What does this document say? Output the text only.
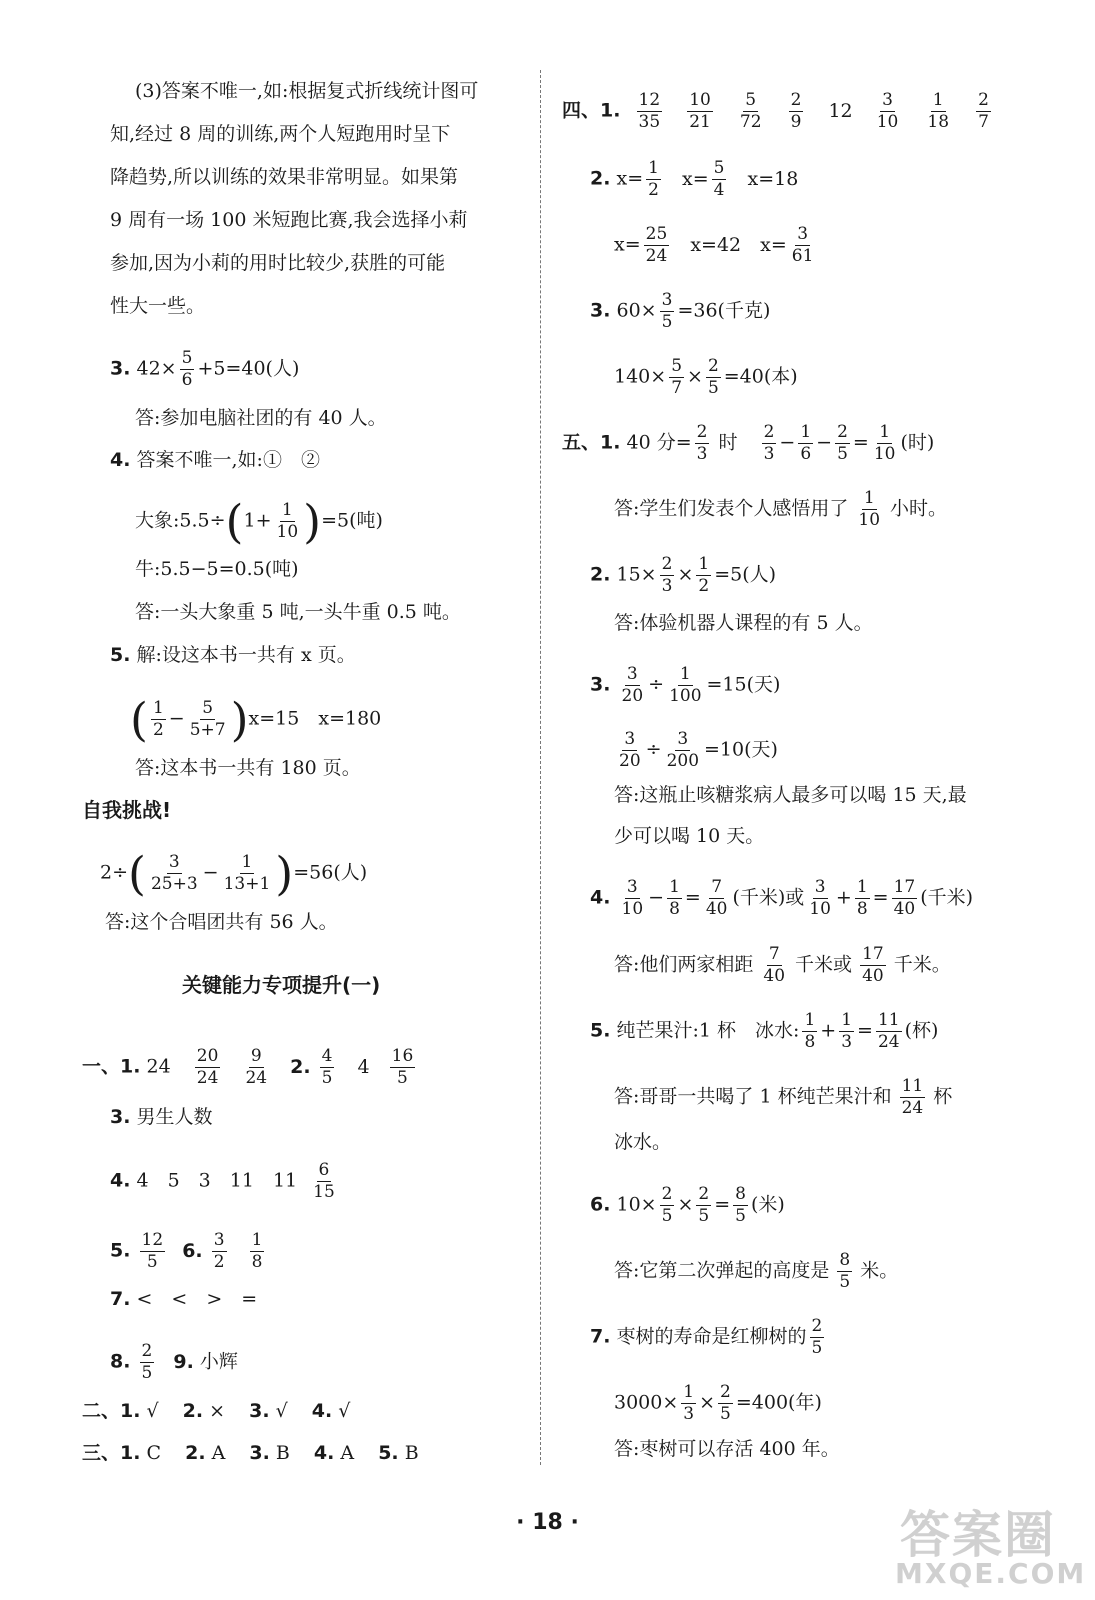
(3)答案不唯一,如:根据复式折线统计图可
知,经过 8 周的训练,两个人短跑用时呈下
降趋势,所以训练的效果非常明显。如果第
9 周有一场 100 米短跑比赛,我会选择小莉
参加,因为小莉的用时比较少,获胜的可能
性大一些。
3. $42\times \frac{5}{6} +5=40$(人)
答:参加电脑社团的有 40 人。
4. 答案不唯一,如:①　②
大象:5.5÷(1+ $\frac{1}{10} )=5$(吨)
牛:5.5−5=0.5(吨)
答:一头大象重 5 吨,一头牛重 0.5 吨。
5. 解:设这本书一共有 x 页。
( $\frac{1}{2} - \frac{5}{5+7} )x=15$　x=180
答:这本书一共有 180 页。
自我挑战!
$2\div( \frac{3}{25+3} - \frac{1}{13+1} )=56$(人)
答:这个合唱团共有 56 人。
关键能力专项提升(一)
一、1. $24 \frac{20}{24}$
$\frac{9}{24} 2$. $\frac{4}{5} 4 \frac{16}{5}$
3. 男生人数
4. 4　5　3　11　$11 \frac{6}{15}$
5. $\frac{12}{5} 6$. $\frac{3}{2}$
$\frac{1}{8}$
7. <　<　>　=
8. $\frac{2}{5} 9$. 小辉
二、1. √ 2. × 3. √ 4. √
三、1. C 2. A 3. B 4. A 5. B
四、1. $\frac{12}{35}$
$\frac{10}{21}$
$\frac{5}{72}$
$\frac{2}{9} 12 \frac{3}{10}$
$\frac{1}{18}$
$\frac{2}{7}$
2. $x= \frac{1}{2} x= \frac{5}{4} x=18$
$x= \frac{25}{24} x=42$　$x= \frac{3}{61}$
3. $60\times \frac{3}{5} =36$(千克)
$140\times \frac{5}{7} \times \frac{2}{5} =40$(本)
五、1. 40 分= $\frac{2}{3}$ 时 $\frac{2}{3} - \frac{1}{6} - \frac{2}{5} = \frac{1}{10}$ (时)
答:学生们发表个人感悟用了 $\frac{1}{10}$ 小时。
2. $15\times \frac{2}{3} \times \frac{1}{2} =5$(人)
答:体验机器人课程的有 5 人。
3. $\frac{3}{20} \div \frac{1}{100} =15$(天)
$\frac{3}{20} \div \frac{3}{200} =10$(天)
答:这瓶止咳糖浆病人最多可以喝 15 天,最
少可以喝 10 天。
4. $\frac{3}{10} - \frac{1}{8} = \frac{7}{40}$ (千米)或 $\frac{3}{10} + \frac{1}{8} = \frac{17}{40}$ (千米)
答:他们两家相距 $\frac{7}{40}$ 千米或 $\frac{17}{40}$ 千米。
5. 纯芒果汁:1 杯　冰水: $\frac{1}{8} + \frac{1}{3} = \frac{11}{24}$ (杯)
答:哥哥一共喝了 1 杯纯芒果汁和 $\frac{11}{24}$ 杯
冰水。
6. $10\times \frac{2}{5} \times \frac{2}{5} = \frac{8}{5}$ (米)
答:它第二次弹起的高度是 $\frac{8}{5}$ 米。
7. 枣树的寿命是红柳树的 $\frac{2}{5}$
$3000\times \frac{1}{3} \times \frac{2}{5} =400$(年)
答:枣树可以存活 400 年。
· 18 ·	答案圈
MXQE.COM
